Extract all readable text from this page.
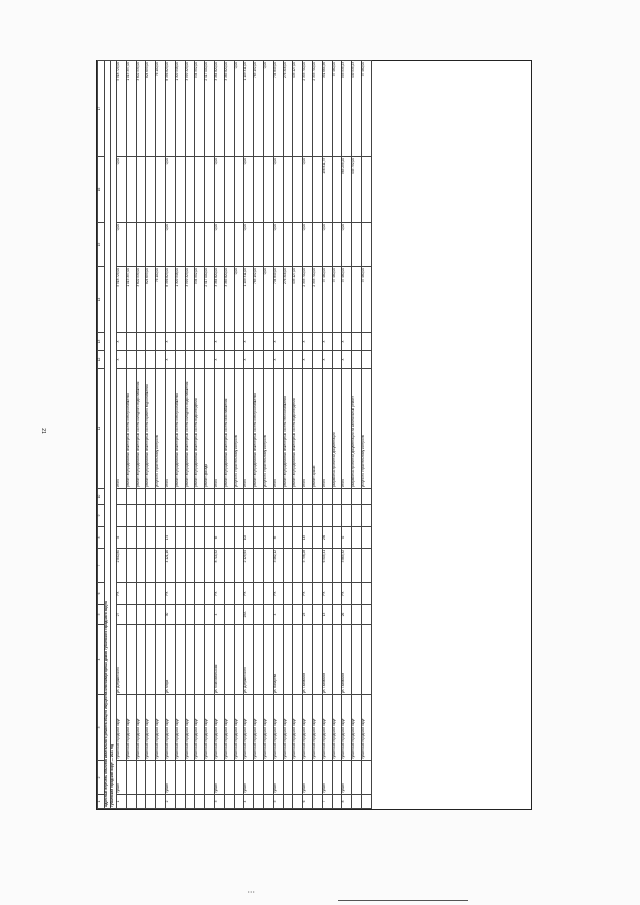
21
• • •
1	2	3	4	5	6	7	8	9	10	11	12	13	14	15	16	17
Адресный перечень объектов капитального ремонта общего имущества многоквартирных домов Губкинского городского округа																
Губкинский городской округ — 2021 год																
1	Губкин	Губкинский городской округ	ул. Дзержинского	27	РХ	2 840,80	34			итого	Х	Х	5 518 729,00	0,00	0,00	5 518 729,00
		Губкинский городской округ								ремонт внутридомовых инженерных систем электроснабжения			1 015 397,00			1 015 397,00
		Губкинский городской округ								ремонт внутридомовых инженерных систем холодного водоснабжения			3 602 539,00			3 602 539,00
		Губкинский городской округ								ремонт внутридомовых инженерных систем горячего водоснабжения			824 693,00			824 693,00
		Губкинский городской округ								услуги по строительному контролю			76 100,00			76 100,00
2	Губкин	Губкинский городской округ	ул. Мира	30	РХ	4 121,16	174			итого	Х	Х	8 356 823,00	0,00	0,00	8 356 823,00
		Губкинский городской округ								ремонт внутридомовых инженерных систем электроснабжения			1 309 548,00			1 309 548,00
		Губкинский городской округ								ремонт внутридомовых инженерных систем холодного водоснабжения			3 999 323,00			3 999 323,00
		Губкинский городской округ								ремонт внутридомовых инженерных систем водоотведения			534 952,00			534 952,00
		Губкинский городской округ								ремонт фасада			2 417 000,00			2 417 000,00
3	Губкин	Губкинский городской округ	ул. Комсомольская	4	РХ	8 714,52	65			итого	Х	Х	3 384 820,00	0,00	0,00	3 384 820,00
		Губкинский городской округ								ремонт внутридомовых инженерных систем газоснабжения			3 385 820,00			3 385 820,00
		Губкинский городской округ								услуги по строительному контролю			0,00			0,00
4	Губкин	Губкинский городской округ	ул. Дзержинского	25А	РХ	2 129,64	102			итого	Х	Х	1 109 311,00	0,00	0,00	1 109 311,00
		Губкинский городской округ								ремонт внутридомовых инженерных систем электроснабжения			763 192,00			763 192,00
		Губкинский городской округ								услуги по строительному контролю			0,00			0,00
5	Губкин	Губкинский городской округ	ул. Лазарева	4	РХ	3 462,12	85			итого	Х	Х	734 849,00	0,00	0,00	734 849,00
		Губкинский городской округ								ремонт внутридомовых инженерных систем теплоснабжения			276 316,00			276 316,00
		Губкинский городской округ								ремонт внутридомовых инженерных систем водоотведения			433 127,00			433 127,00
6	Губкин	Губкинский городской округ	ул. Газовиков	23	РХ	5 798,28	145			итого	Х	Х	2 333 700,00	0,00	0,00	2 333 700,00
		Губкинский городской округ								ремонт крыши			2 333 700,00			2 333 700,00
7	Губкин	Губкинский городской округ	ул. Газовиков	13	РХ	6 505,41	236			итого	Х	Х	37 460,00	0,00	156 811,75	351 664,96
		Губкинский городской округ								разработка проектной документации			37 460,00			37 460,00
8	Губкин	Губкинский городской округ	ул. Газовиков	26	РХ	3 865,32	92			итого	Х	Х	37 460,00	0,00	963 295,20	593 935,23
		Губкинский городской округ								разработка проектной документации на капитальный ремонт					445 792,00	449 935,23
		Губкинский городской округ								услуги по строительному контролю			37 460,00			37 460,00
